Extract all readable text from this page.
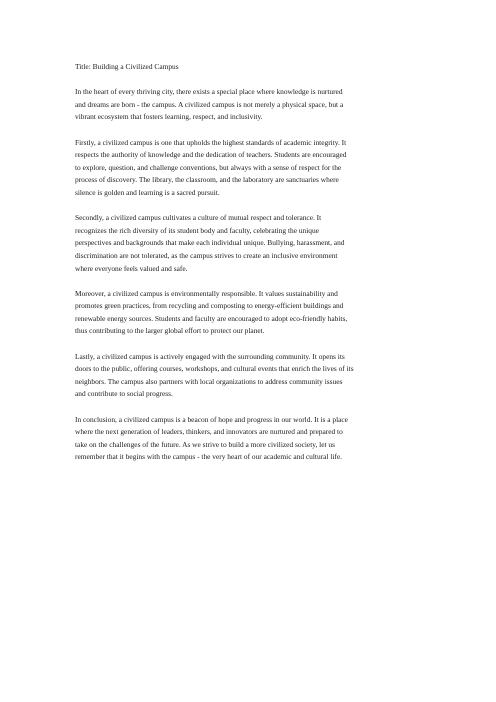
Title: Building a Civilized Campus
In the heart of every thriving city, there exists a special place where knowledge is nurtured
and dreams are born - the campus. A civilized campus is not merely a physical space, but a
vibrant ecosystem that fosters learning, respect, and inclusivity.
Firstly, a civilized campus is one that upholds the highest standards of academic integrity. It
respects the authority of knowledge and the dedication of teachers. Students are encouraged
to explore, question, and challenge conventions, but always with a sense of respect for the
process of discovery. The library, the classroom, and the laboratory are sanctuaries where
silence is golden and learning is a sacred pursuit.
Secondly, a civilized campus cultivates a culture of mutual respect and tolerance. It
recognizes the rich diversity of its student body and faculty, celebrating the unique
perspectives and backgrounds that make each individual unique. Bullying, harassment, and
discrimination are not tolerated, as the campus strives to create an inclusive environment
where everyone feels valued and safe.
Moreover, a civilized campus is environmentally responsible. It values sustainability and
promotes green practices, from recycling and composting to energy-efficient buildings and
renewable energy sources. Students and faculty are encouraged to adopt eco-friendly habits,
thus contributing to the larger global effort to protect our planet.
Lastly, a civilized campus is actively engaged with the surrounding community. It opens its
doors to the public, offering courses, workshops, and cultural events that enrich the lives of its
neighbors. The campus also partners with local organizations to address community issues
and contribute to social progress.
In conclusion, a civilized campus is a beacon of hope and progress in our world. It is a place
where the next generation of leaders, thinkers, and innovators are nurtured and prepared to
take on the challenges of the future. As we strive to build a more civilized society, let us
remember that it begins with the campus - the very heart of our academic and cultural life.
